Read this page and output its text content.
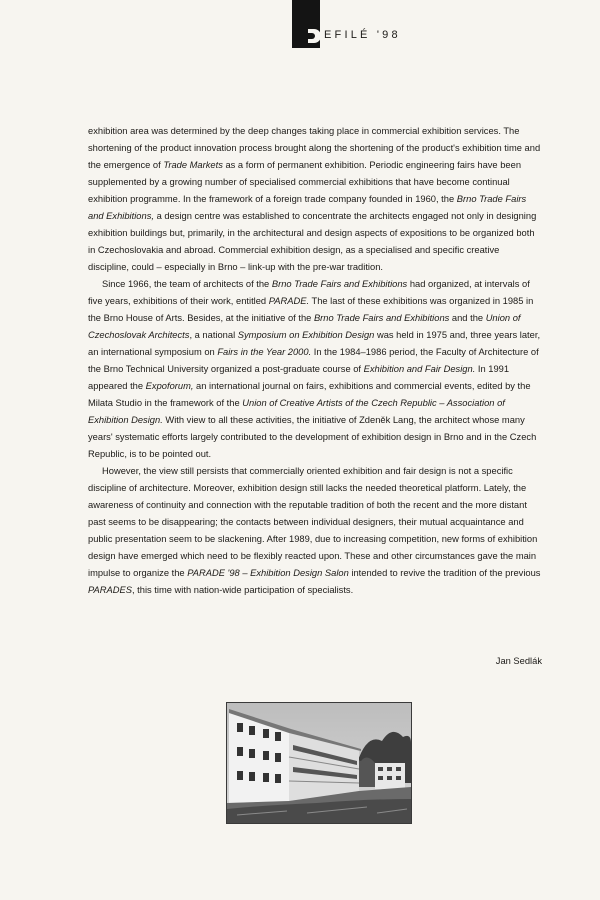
EFILÉ '98

exhibition area was determined by the deep changes taking place in commercial exhibition services. The shortening of the product innovation process brought along the shortening of the product's exhibition time and the emergence of Trade Markets as a form of permanent exhibition. Periodic engineering fairs have been supplemented by a growing number of specialised commercial exhibitions that have become continual exhibition programme. In the framework of a foreign trade company founded in 1960, the Brno Trade Fairs and Exhibitions, a design centre was established to concentrate the architects engaged not only in designing exhibition buildings but, primarily, in the architectural and design aspects of expositions to be organized both in Czechoslovakia and abroad. Commercial exhibition design, as a specialised and specific creative discipline, could – especially in Brno – link-up with the pre-war tradition.

Since 1966, the team of architects of the Brno Trade Fairs and Exhibitions had organized, at intervals of five years, exhibitions of their work, entitled PARADE. The last of these exhibitions was organized in 1985 in the Brno House of Arts. Besides, at the initiative of the Brno Trade Fairs and Exhibitions and the Union of Czechoslovak Architects, a national Symposium on Exhibition Design was held in 1975 and, three years later, an international symposium on Fairs in the Year 2000. In the 1984–1986 period, the Faculty of Architecture of the Brno Technical University organized a post-graduate course of Exhibition and Fair Design. In 1991 appeared the Expoforum, an international journal on fairs, exhibitions and commercial events, edited by the Milata Studio in the framework of the Union of Creative Artists of the Czech Republic – Association of Exhibition Design. With view to all these activities, the initiative of Zdeněk Lang, the architect whose many years' systematic efforts largely contributed to the development of exhibition design in Brno and in the Czech Republic, is to be pointed out.

However, the view still persists that commercially oriented exhibition and fair design is not a specific discipline of architecture. Moreover, exhibition design still lacks the needed theoretical platform. Lately, the awareness of continuity and connection with the reputable tradition of both the recent and the more distant past seems to be disappearing; the contacts between individual designers, their mutual acquaintance and public presentation seem to be slackening. After 1989, due to increasing competition, new forms of exhibition design have emerged which need to be flexibly reacted upon. These and other circumstances gave the main impulse to organize the PARADE '98 – Exhibition Design Salon intended to revive the tradition of the previous PARADES, this time with nation-wide participation of specialists.

Jan Sedlák
